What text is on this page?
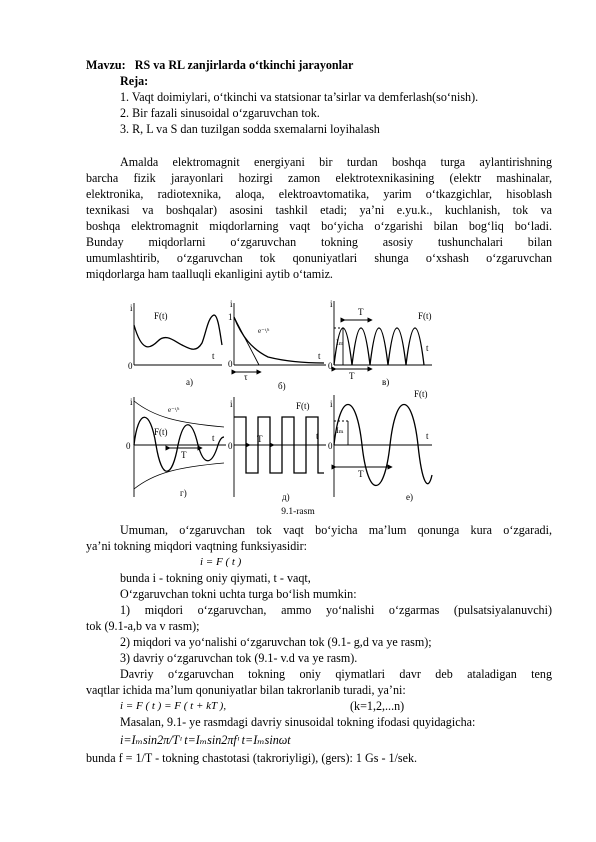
Mavzu: RS va RL zanjirlarda o‘tkinchi jarayonlar
Reja:
1. Vaqt doimiylari, o‘tkinchi va statsionar ta’sirlar va demferlash(so‘nish).
2. Bir fazali sinusoidal o‘zgaruvchan tok.
3. R, L va S dan tuzilgan sodda sxemalarni loyihalash
Amalda elektromagnit energiyani bir turdan boshqa turga aylantirishning
barcha fizik jarayonlari hozirgi zamon elektrotexnikasining (elektr mashinalar,
elektronika, radiotexnika, aloqa, elektroavtomatika, yarim o‘tkazgichlar, hisoblash
texnikasi va boshqalar) asosini tashkil etadi; ya’ni e.yu.k., kuchlanish, tok va
boshqa elektromagnit miqdorlarning vaqt bo‘yicha o‘zgarishi bilan bog‘liq bo‘ladi.
Bunday miqdorlarni o‘zgaruvchan tokning asosiy tushunchalari bilan
umumlashtirib, o‘zgaruvchan tok qonuniyatlari shunga o‘xshash o‘zgaruvchan
miqdorlarga ham taalluqli ekanligini aytib o‘tamiz.
i
F(t)
t
0
a)
i
1
e⁻ᵗ/ᵗ
t
0
τ
б)
i
T	F(t)
Iₘ
t
0
T
в)
i
e⁻ᵗ/ᵗ
F(t)
t
0
T
г)
i	F(t)
t
0
T
д)
i
F(t)
Iₘ
t
0
T
е)
9.1-rasm
Umuman, o‘zgaruvchan tok vaqt bo‘yicha ma’lum qonunga kura o‘zgaradi,
ya’ni tokning miqdori vaqtning funksiyasidir:
i = F ( t )
bunda i - tokning oniy qiymati, t - vaqt,
O‘zgaruvchan tokni uchta turga bo‘lish mumkin:
1) miqdori o‘zgaruvchan, ammo yo‘nalishi o‘zgarmas (pulsatsiyalanuvchi)
tok (9.1-a,b va v rasm);
2) miqdori va yo‘nalishi o‘zgaruvchan tok (9.1- g,d va ye rasm);
3) davriy o‘zgaruvchan tok (9.1- v.d va ye rasm).
Davriy o‘zgaruvchan tokning oniy qiymatlari davr deb ataladigan teng
vaqtlar ichida ma’lum qonuniyatlar bilan takrorlanib turadi, ya’ni:
i = F ( t ) = F ( t + kT ),	(k=1,2,...n)
Masalan, 9.1- ye rasmdagi davriy sinusoidal tokning ifodasi quyidagicha:
i=Iₘsin2π/Tᶦ t=Iₘsin2πfᶦ t=Iₘsinωt
bunda f = 1/T - tokning chastotasi (takroriyligi), (gers): 1 Gs - 1/sek.
